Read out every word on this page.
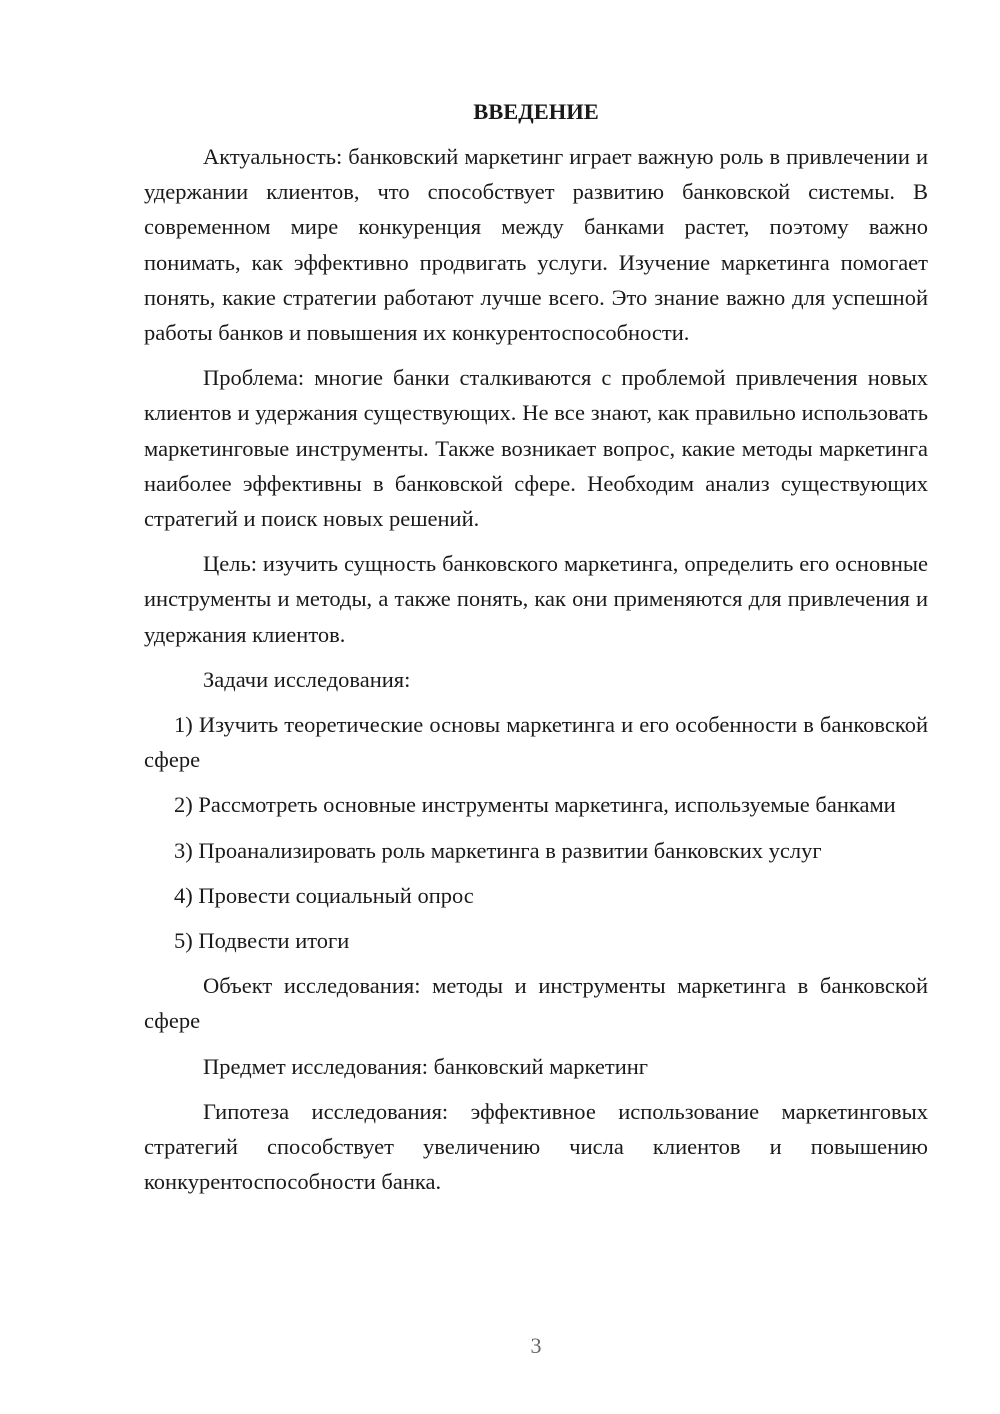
ВВЕДЕНИЕ

Актуальность: банковский маркетинг играет важную роль в привлечении и удержании клиентов, что способствует развитию банковской системы. В современном мире конкуренция между банками растет, поэтому важно понимать, как эффективно продвигать услуги. Изучение маркетинга помогает понять, какие стратегии работают лучше всего. Это знание важно для успешной работы банков и повышения их конкурентоспособности.

Проблема: многие банки сталкиваются с проблемой привлечения новых клиентов и удержания существующих. Не все знают, как правильно использовать маркетинговые инструменты. Также возникает вопрос, какие методы маркетинга наиболее эффективны в банковской сфере. Необходим анализ существующих стратегий и поиск новых решений.

Цель: изучить сущность банковского маркетинга, определить его основные инструменты и методы, а также понять, как они применяются для привлечения и удержания клиентов.

Задачи исследования:

1) Изучить теоретические основы маркетинга и его особенности в банковской сфере

2) Рассмотреть основные инструменты маркетинга, используемые банками

3) Проанализировать роль маркетинга в развитии банковских услуг

4) Провести социальный опрос

5) Подвести итоги

Объект исследования: методы и инструменты маркетинга в банковской сфере

Предмет исследования: банковский маркетинг

Гипотеза исследования: эффективное использование маркетинговых стратегий способствует увеличению числа клиентов и повышению конкурентоспособности банка.

3
